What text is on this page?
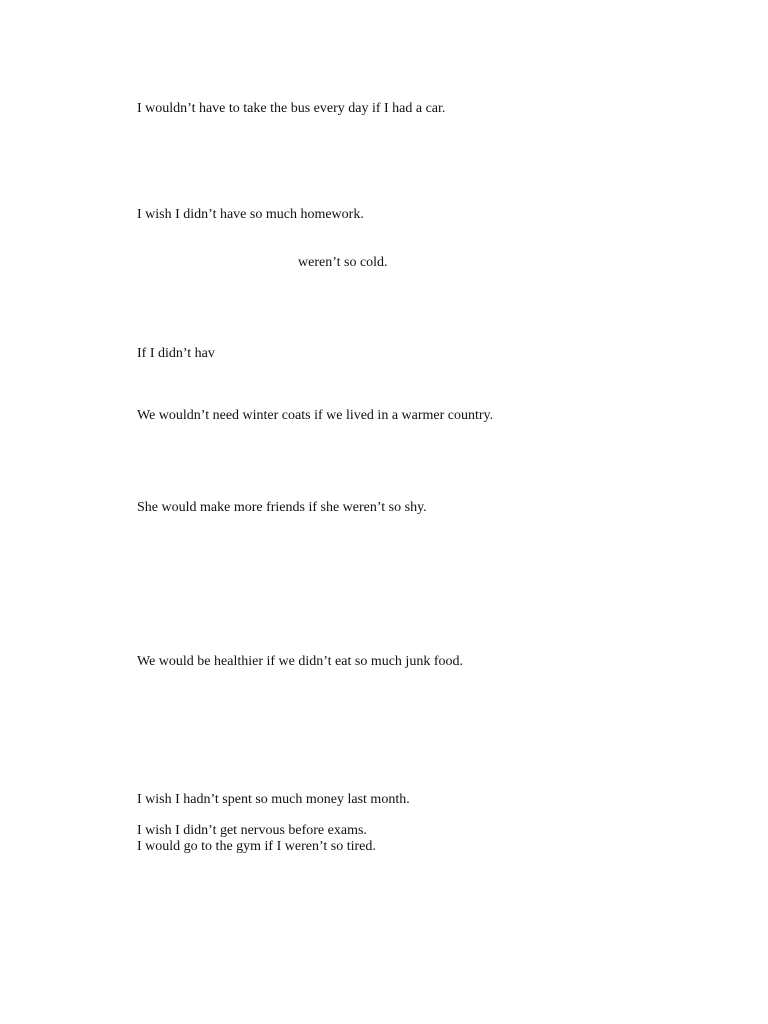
I wouldn’t have to take the bus every day if I had a car.
I wish I didn’t have so much homework.
weren’t so cold.
If I didn’t hav
We wouldn’t need winter coats if we lived in a warmer country.
She would make more friends if she weren’t so shy.
We would be healthier if we didn’t eat so much junk food.
I wish I hadn’t spent so much money last month.
I wish I didn’t get nervous before exams.
I would go to the gym if I weren’t so tired.
